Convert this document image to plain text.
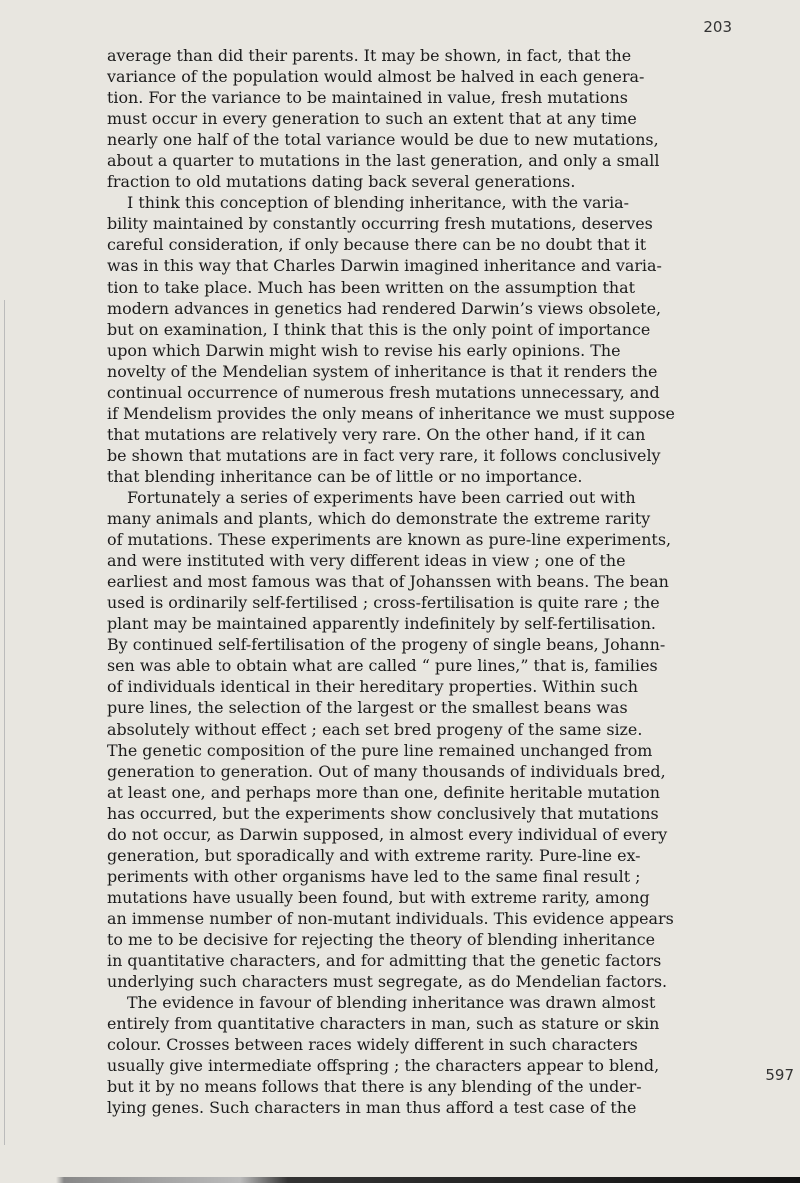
203
average than did their parents. It may be shown, in fact, that the
variance of the population would almost be halved in each genera-
tion. For the variance to be maintained in value, fresh mutations
must occur in every generation to such an extent that at any time
nearly one half of the total variance would be due to new mutations,
about a quarter to mutations in the last generation, and only a small
fraction to old mutations dating back several generations.
I think this conception of blending inheritance, with the varia-
bility maintained by constantly occurring fresh mutations, deserves
careful consideration, if only because there can be no doubt that it
was in this way that Charles Darwin imagined inheritance and varia-
tion to take place. Much has been written on the assumption that
modern advances in genetics had rendered Darwin’s views obsolete,
but on examination, I think that this is the only point of importance
upon which Darwin might wish to revise his early opinions. The
novelty of the Mendelian system of inheritance is that it renders the
continual occurrence of numerous fresh mutations unnecessary, and
if Mendelism provides the only means of inheritance we must suppose
that mutations are relatively very rare. On the other hand, if it can
be shown that mutations are in fact very rare, it follows conclusively
that blending inheritance can be of little or no importance.
Fortunately a series of experiments have been carried out with
many animals and plants, which do demonstrate the extreme rarity
of mutations. These experiments are known as pure-line experiments,
and were instituted with very different ideas in view ; one of the
earliest and most famous was that of Johanssen with beans. The bean
used is ordinarily self-fertilised ; cross-fertilisation is quite rare ; the
plant may be maintained apparently indefinitely by self-fertilisation.
By continued self-fertilisation of the progeny of single beans, Johann-
sen was able to obtain what are called “ pure lines,” that is, families
of individuals identical in their hereditary properties. Within such
pure lines, the selection of the largest or the smallest beans was
absolutely without effect ; each set bred progeny of the same size.
The genetic composition of the pure line remained unchanged from
generation to generation. Out of many thousands of individuals bred,
at least one, and perhaps more than one, definite heritable mutation
has occurred, but the experiments show conclusively that mutations
do not occur, as Darwin supposed, in almost every individual of every
generation, but sporadically and with extreme rarity. Pure-line ex-
periments with other organisms have led to the same final result ;
mutations have usually been found, but with extreme rarity, among
an immense number of non-mutant individuals. This evidence appears
to me to be decisive for rejecting the theory of blending inheritance
in quantitative characters, and for admitting that the genetic factors
underlying such characters must segregate, as do Mendelian factors.
The evidence in favour of blending inheritance was drawn almost
entirely from quantitative characters in man, such as stature or skin
colour. Crosses between races widely different in such characters
usually give intermediate offspring ; the characters appear to blend,
but it by no means follows that there is any blending of the under-
lying genes. Such characters in man thus afford a test case of the
597
